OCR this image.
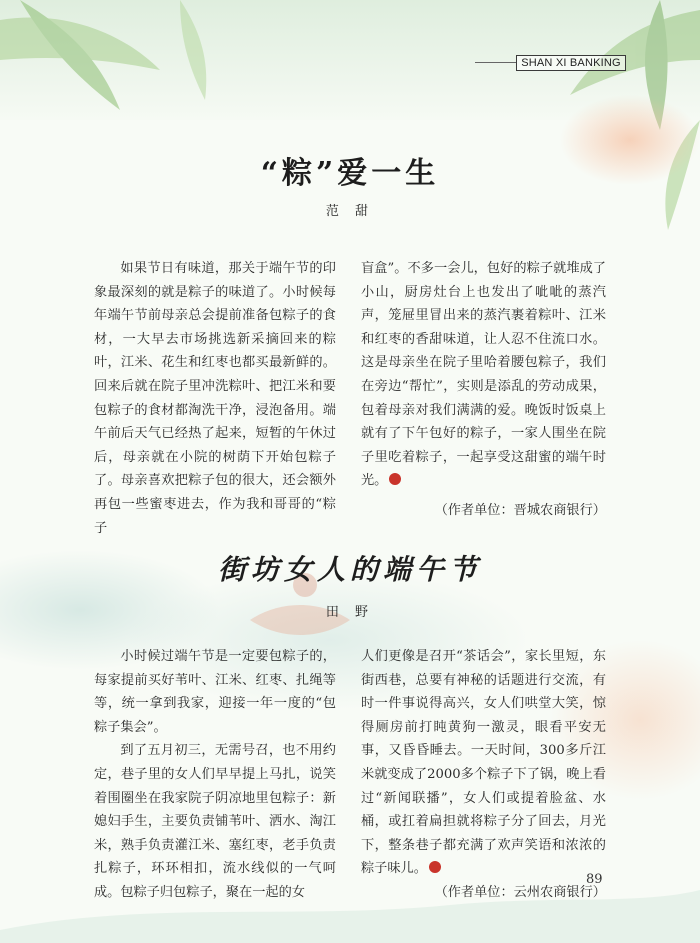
SHAN XI BANKING
“粽”爱一生
范 甜

如果节日有味道，那关于端午节的印象最深刻的就是粽子的味道了。小时候每年端午节前母亲总会提前准备包粽子的食材，一大早去市场挑选新采摘回来的粽叶，江米、花生和红枣也都买最新鲜的。回来后就在院子里冲洗粽叶、把江米和要包粽子的食材都淘洗干净，浸泡备用。端午前后天气已经热了起来，短暂的午休过后，母亲就在小院的树荫下开始包粽子了。母亲喜欢把粽子包的很大，还会额外再包一些蜜枣进去，作为我和哥哥的“粽子

盲盒”。不多一会儿，包好的粽子就堆成了小山，厨房灶台上也发出了呲呲的蒸汽声，笼屉里冒出来的蒸汽裹着粽叶、江米和红枣的香甜味道，让人忍不住流口水。这是母亲坐在院子里哈着腰包粽子，我们在旁边“帮忙”，实则是添乱的劳动成果，包着母亲对我们满满的爱。晚饭时饭桌上就有了下午包好的粽子，一家人围坐在院子里吃着粽子，一起享受这甜蜜的端午时光。

（作者单位：晋城农商银行）
街坊女人的端午节
田 野

小时候过端午节是一定要包粽子的，每家提前买好苇叶、江米、红枣、扎绳等等，统一拿到我家，迎接一年一度的“包粽子集会”。

到了五月初三，无需号召，也不用约定，巷子里的女人们早早提上马扎，说笑着围圈坐在我家院子阴凉地里包粽子：新媳妇手生，主要负责铺苇叶、洒水、淘江米，熟手负责灌江米、塞红枣，老手负责扎粽子，环环相扣，流水线似的一气呵成。包粽子归包粽子，聚在一起的女

人们更像是召开“茶话会”，家长里短，东街西巷，总要有神秘的话题进行交流，有时一件事说得高兴，女人们哄堂大笑，惊得厕房前打盹黄狗一激灵，眼看平安无事，又昏昏睡去。一天时间，300多斤江米就变成了2000多个粽子下了锅，晚上看过“新闻联播”，女人们或提着脸盆、水桶，或扛着扁担就将粽子分了回去，月光下，整条巷子都充满了欢声笑语和浓浓的粽子味儿。
（作者单位：云州农商银行）

89
